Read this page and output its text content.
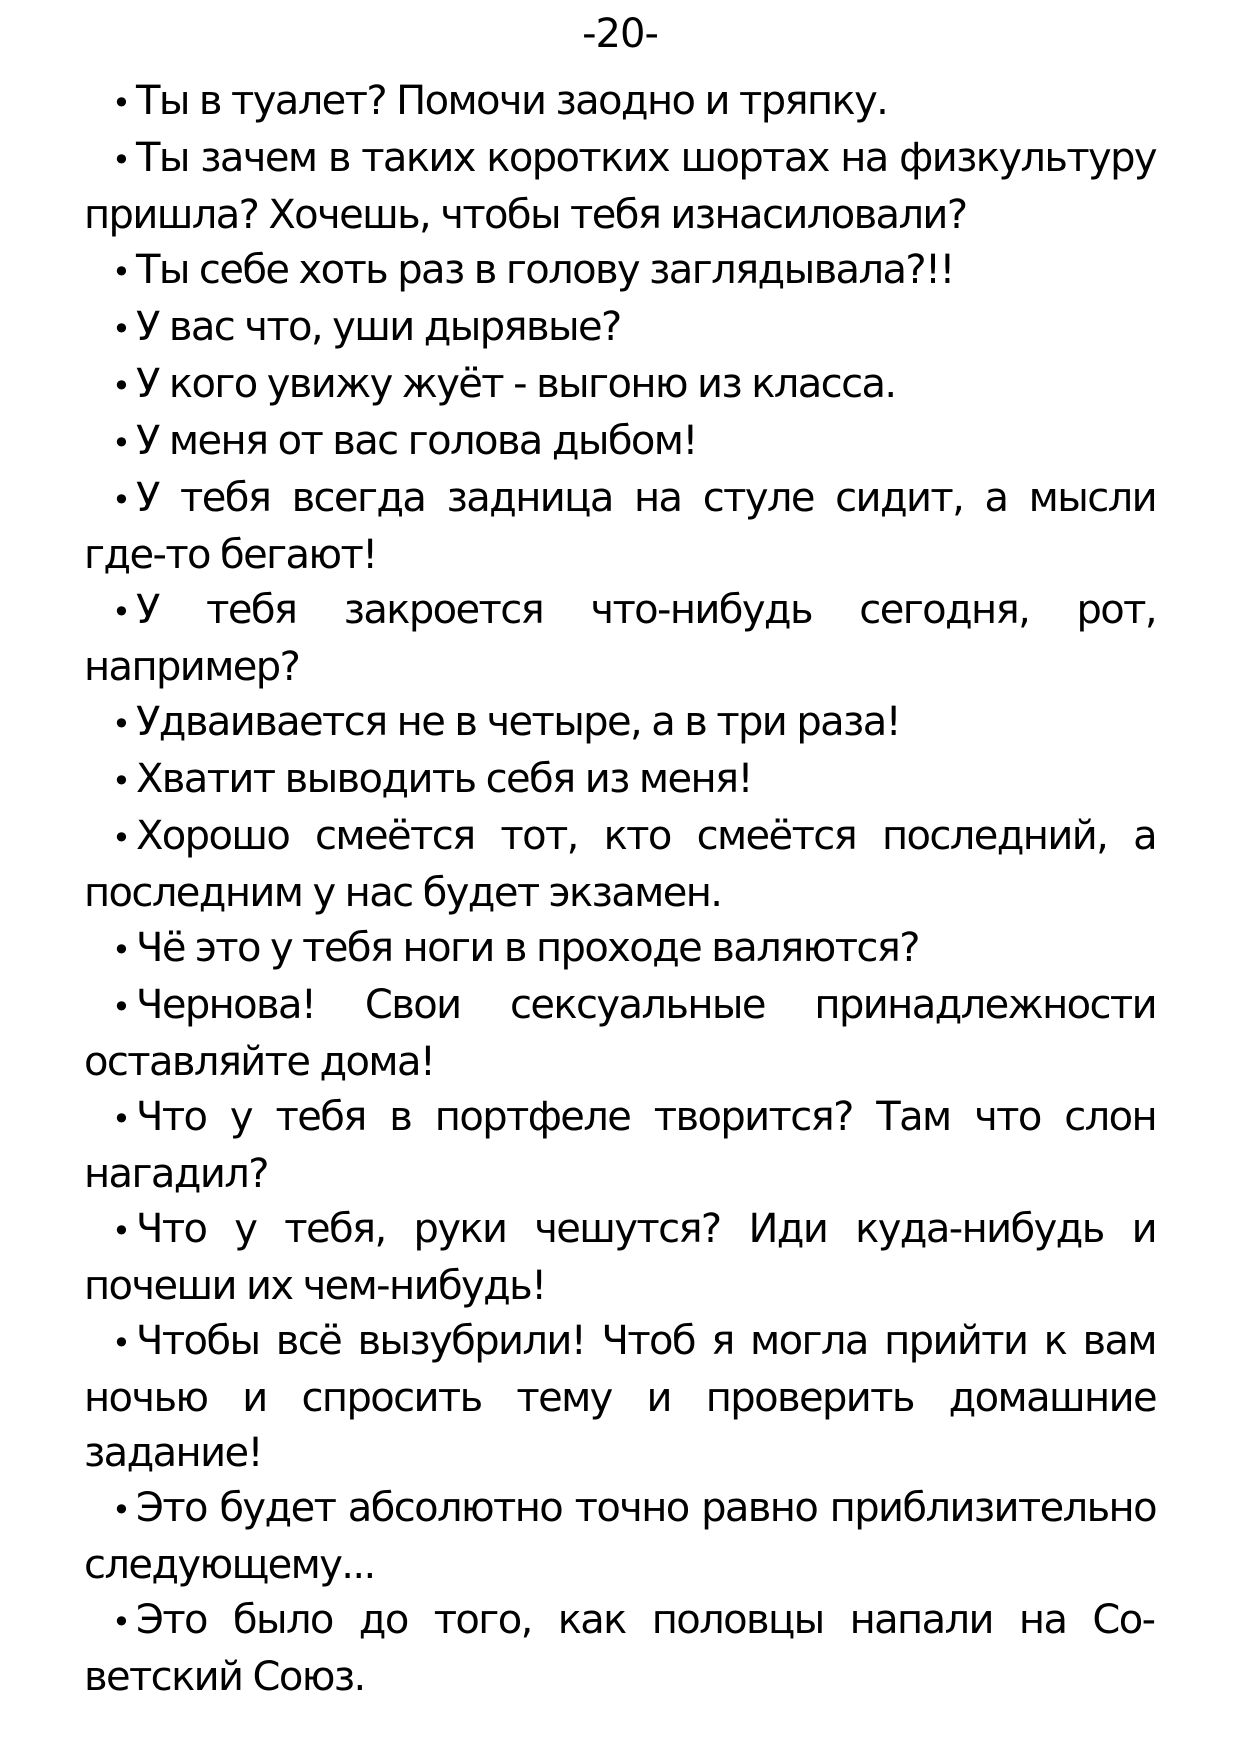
-20-
• Ты в туалет? Помочи заодно и тряпку.
• Ты зачем в таких коротких шортах на физкультуру пришла? Хочешь, чтобы тебя изнасиловали?
• Ты себе хоть раз в голову заглядывала?!!
• У вас что, уши дырявые?
• У кого увижу жуёт - выгоню из класса.
• У меня от вас голова дыбом!
• У тебя всегда задница на стуле сидит, а мысли где-то бегают!
• У тебя закроется что-нибудь сегодня, рот, например?
• Удваивается не в четыре, а в три раза!
• Хватит выводить себя из меня!
• Хорошо смеётся тот, кто смеётся последний, а последним у нас будет экзамен.
• Чё это у тебя ноги в проходе валяются?
• Чернова! Свои сексуальные принадлежности оставляйте дома!
• Что у тебя в портфеле творится? Там что слон нагадил?
• Что у тебя, руки чешутся? Иди куда-нибудь и почеши их чем-нибудь!
• Чтобы всё вызубрили! Чтоб я могла прийти к вам ночью и спросить тему и проверить домашние задание!
• Это будет абсолютно точно равно приблизительно следующему...
• Это было до того, как половцы напали на Советский Союз.
